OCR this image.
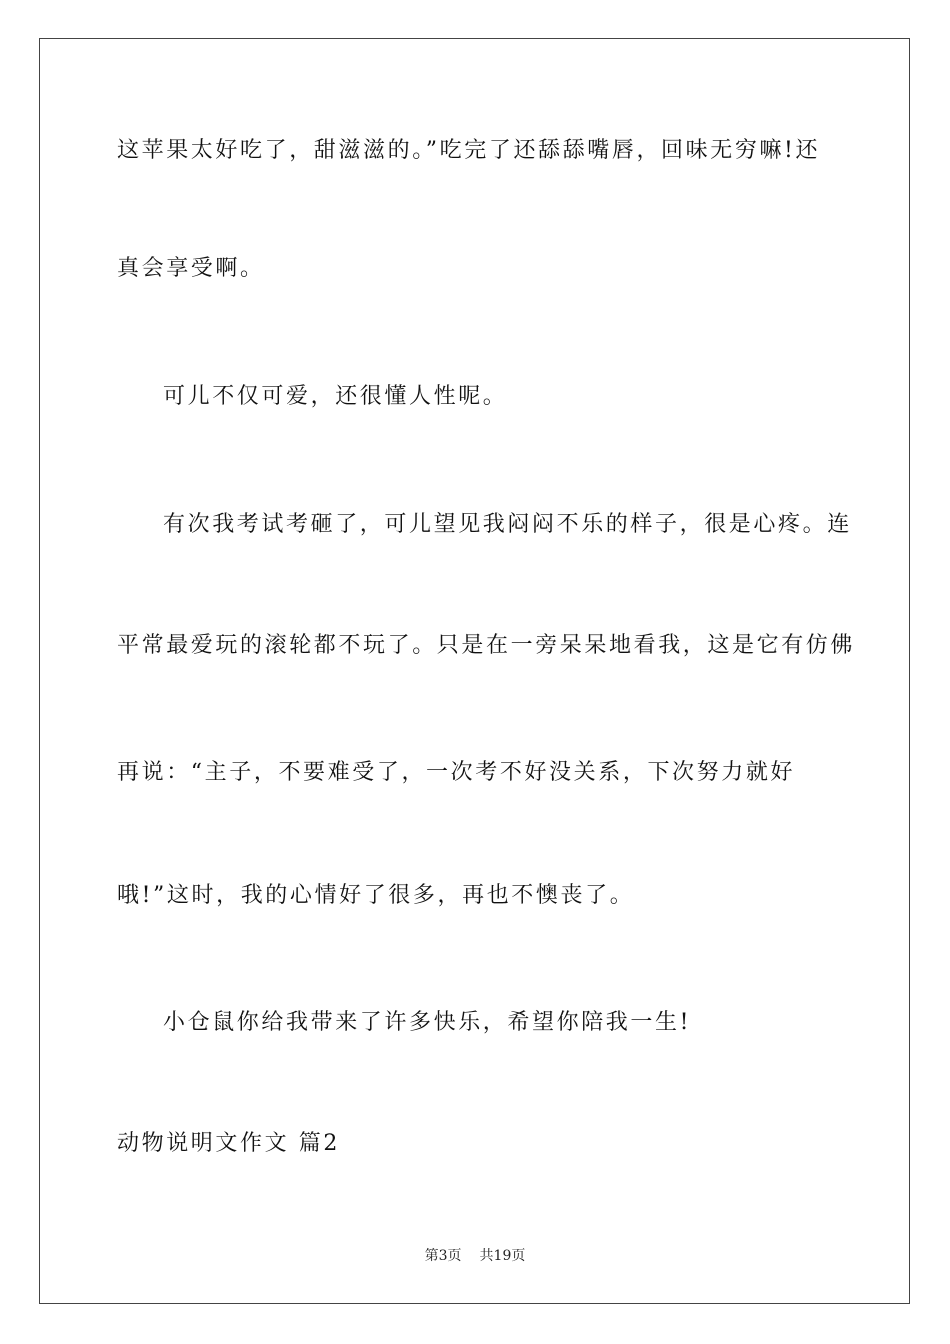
这苹果太好吃了，甜滋滋的。”吃完了还舔舔嘴唇，回味无穷嘛!还
真会享受啊。
可儿不仅可爱，还很懂人性呢。
有次我考试考砸了，可儿望见我闷闷不乐的样子，很是心疼。连
平常最爱玩的滚轮都不玩了。只是在一旁呆呆地看我，这是它有仿佛
再说：“主子，不要难受了，一次考不好没关系，下次努力就好
哦!”这时，我的心情好了很多，再也不懊丧了。
小仓鼠你给我带来了许多快乐，希望你陪我一生!
动物说明文作文 篇2
第3页 共19页
